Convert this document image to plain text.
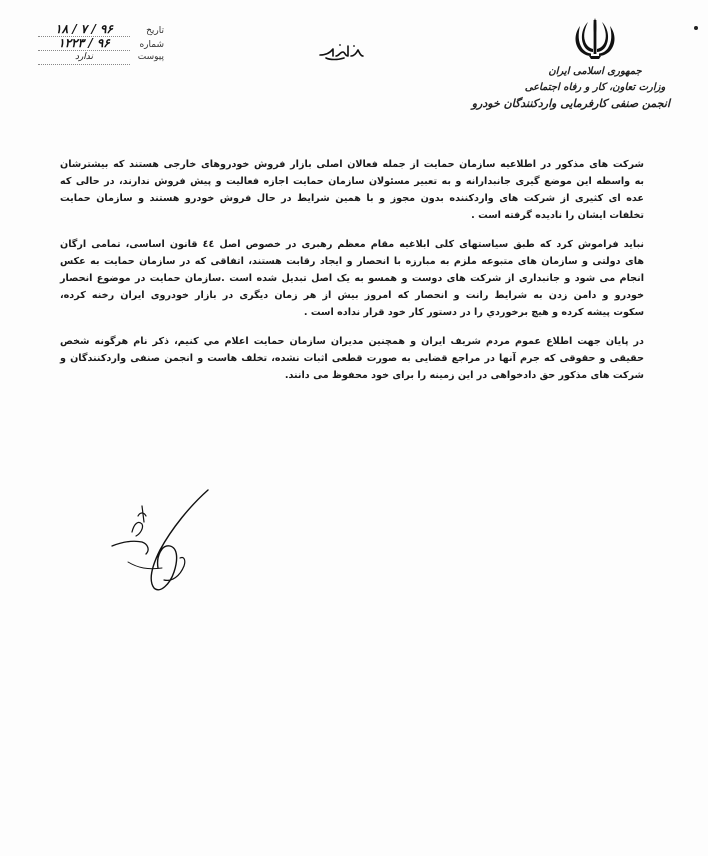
جمهوری اسلامی ایران
وزارت تعاون، کار و رفاه اجتماعی
انجمن صنفی کارفرمایی واردکنندگان خودرو
تاریخ
۹۶ / ۷ / ۱۸
شماره
۹۶ / ۱۲۲۳
پیوست
ندارد

شرکت های مذکور در اطلاعیه سازمان حمایت از جمله فعالان اصلی بازار فروش خودروهای خارجی هستند که بیشترشان
به واسطه این موضع گیری جانبدارانه و به تعبیر مسئولان سازمان حمایت اجازه فعالیت و پیش فروش ندارند، در حالی که
عده ای کثیری از شرکت های واردکننده بدون مجوز و با همین شرایط در حال فروش خودرو هستند و سازمان حمایت
تخلفات ایشان را نادیده گرفته است .

نباید فراموش کرد که طبق سیاستهای کلی ابلاغیه مقام معظم رهبری در خصوص اصل ٤٤ قانون اساسی، تمامی ارگان
های دولتی و سازمان های متبوعه ملزم به مبارزه با انحصار و ایجاد رقابت هستند، اتفاقی که در سازمان حمایت به عکس
انجام می شود و جانبداری از شرکت های دوست و همسو به یک اصل تبدیل شده است .سازمان حمایت در موضوع انحصار
خودرو و دامن زدن به شرایط رانت و انحصار که امروز بیش از هر زمان دیگری در بازار خودروی ایران رخنه کرده،
سکوت پیشه کرده و هیچ برخوردي را در دستور کار خود قرار نداده است .

در پایان جهت اطلاع عموم مردم شریف ایران و همچنین مدیران سازمان حمایت اعلام مي کنیم، ذکر نام هرگونه شخص
حقیقی و حقوقی که جرم آنها در مراجع قضایی به صورت قطعی اثبات نشده، تخلف هاست و انجمن صنفی واردکنندگان و
شرکت های مذکور حق دادخواهی در این زمینه را برای خود محفوظ می دانند.
